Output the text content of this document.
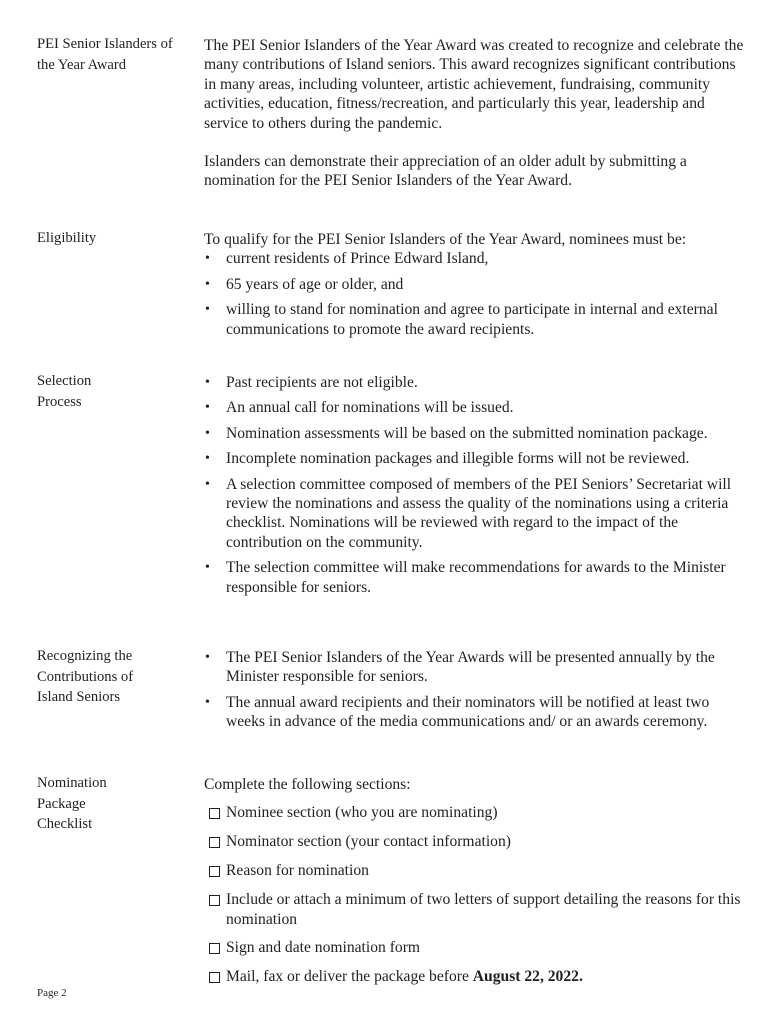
PEI Senior Islanders of the Year Award

The PEI Senior Islanders of the Year Award was created to recognize and celebrate the many contributions of Island seniors. This award recognizes significant contributions in many areas, including volunteer, artistic achievement, fundraising, community activities, education, fitness/recreation, and particularly this year, leadership and service to others during the pandemic.

Islanders can demonstrate their appreciation of an older adult by submitting a nomination for the PEI Senior Islanders of the Year Award.

Eligibility	To qualify for the PEI Senior Islanders of the Year Award, nominees must be:

• current residents of Prince Edward Island,
• 65 years of age or older, and
• willing to stand for nomination and agree to participate in internal and external communications to promote the award recipients.
Selection Process
• Past recipients are not eligible.
• An annual call for nominations will be issued.
• Nomination assessments will be based on the submitted nomination package.
• Incomplete nomination packages and illegible forms will not be reviewed.
• A selection committee composed of members of the PEI Seniors’ Secretariat will review the nominations and assess the quality of the nominations using a criteria checklist. Nominations will be reviewed with regard to the impact of the contribution on the community.
• The selection committee will make recommendations for awards to the Minister responsible for seniors.
Recognizing the Contributions of Island Seniors
• The PEI Senior Islanders of the Year Awards will be presented annually by the Minister responsible for seniors.
• The annual award recipients and their nominators will be notified at least two weeks in advance of the media communications and/ or an awards ceremony.
Nomination Package Checklist

Complete the following sections:

Nominee section (who you are nominating)
Nominator section (your contact information)
Reason for nomination
Include or attach a minimum of two letters of support detailing the reasons for this nomination
Sign and date nomination form
Mail, fax or deliver the package before August 22, 2022.
Page 2
